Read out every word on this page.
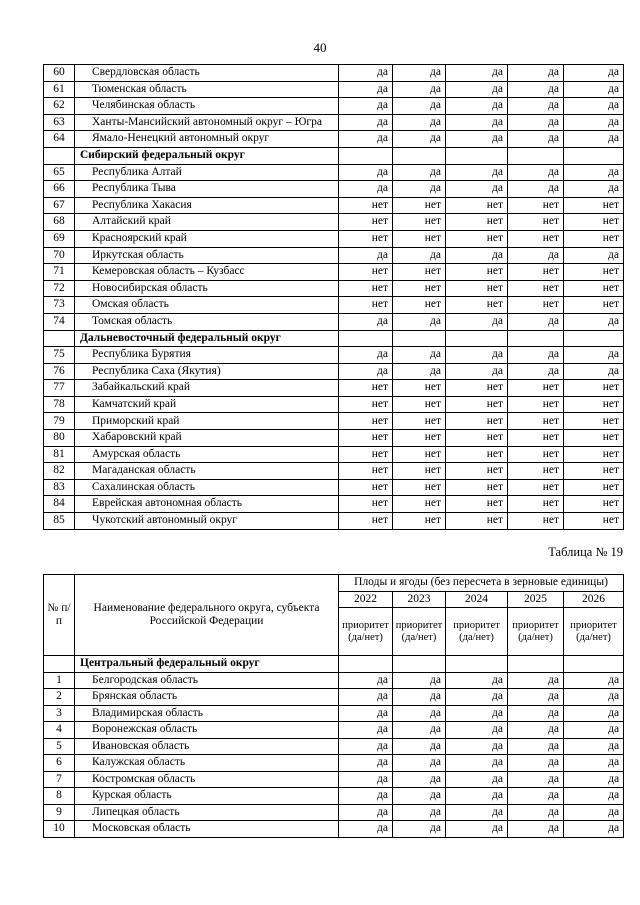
40
60	Свердловская область	да	да	да	да	да
61	Тюменская область	да	да	да	да	да
62	Челябинская область	да	да	да	да	да
63	Ханты-Мансийский автономный округ – Югра	да	да	да	да	да
64	Ямало-Ненецкий автономный округ	да	да	да	да	да
	Сибирский федеральный округ					
65	Республика Алтай	да	да	да	да	да
66	Республика Тыва	да	да	да	да	да
67	Республика Хакасия	нет	нет	нет	нет	нет
68	Алтайский край	нет	нет	нет	нет	нет
69	Красноярский край	нет	нет	нет	нет	нет
70	Иркутская область	да	да	да	да	да
71	Кемеровская область – Кузбасс	нет	нет	нет	нет	нет
72	Новосибирская область	нет	нет	нет	нет	нет
73	Омская область	нет	нет	нет	нет	нет
74	Томская область	да	да	да	да	да
	Дальневосточный федеральный округ					
75	Республика Бурятия	да	да	да	да	да
76	Республика Саха (Якутия)	да	да	да	да	да
77	Забайкальский край	нет	нет	нет	нет	нет
78	Камчатский край	нет	нет	нет	нет	нет
79	Приморский край	нет	нет	нет	нет	нет
80	Хабаровский край	нет	нет	нет	нет	нет
81	Амурская область	нет	нет	нет	нет	нет
82	Магаданская область	нет	нет	нет	нет	нет
83	Сахалинская область	нет	нет	нет	нет	нет
84	Еврейская автономная область	нет	нет	нет	нет	нет
85	Чукотский автономный округ	нет	нет	нет	нет	нет
Таблица № 19
№ п/п	Наименование федерального округа, субъекта Российской Федерации	Плоды и ягоды (без пересчета в зерновые единицы)				
		2022	2023	2024	2025	2026
		приоритет (да/нет)	приоритет (да/нет)	приоритет (да/нет)	приоритет (да/нет)	приоритет (да/нет)
	Центральный федеральный округ					
1	Белгородская область	да	да	да	да	да
2	Брянская область	да	да	да	да	да
3	Владимирская область	да	да	да	да	да
4	Воронежская область	да	да	да	да	да
5	Ивановская область	да	да	да	да	да
6	Калужская область	да	да	да	да	да
7	Костромская область	да	да	да	да	да
8	Курская область	да	да	да	да	да
9	Липецкая область	да	да	да	да	да
10	Московская область	да	да	да	да	да
